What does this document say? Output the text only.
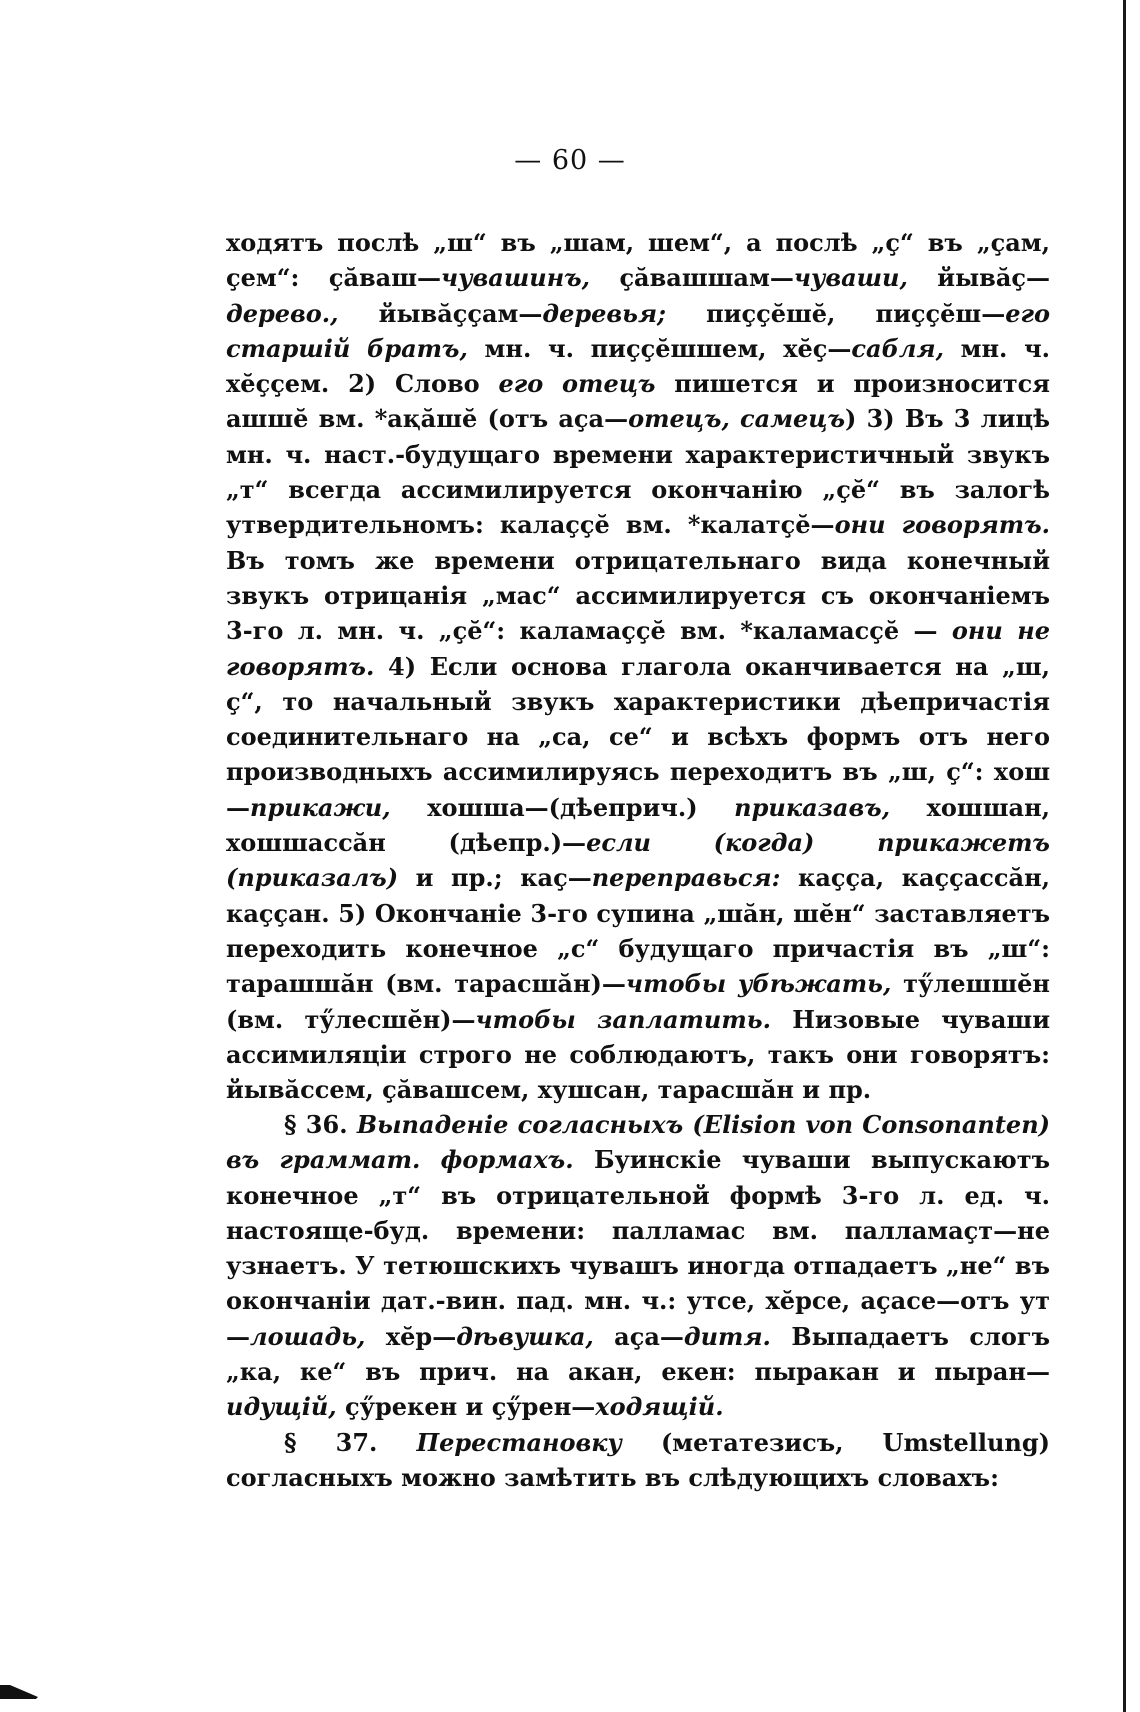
— 60 —
ходятъ послѣ „ш“ въ „шам, шем“, а послѣ „ç“ въ „çам, çем“: ҫăваш—чувашинъ, ҫăвашшам—чуваши, йывăç—дерево., йывăççам—деревья; пиҫҫĕшĕ, пиҫҫĕш—его старшій братъ, мн. ч. пиҫҫĕшшем, хĕç—сабля, мн. ч. хĕççем. 2) Слово его отецъ пишется и произносится ашшĕ вм. *ақăшĕ (отъ аçа—отецъ, самецъ) 3) Въ 3 лицѣ мн. ч. наст.-будущаго времени характеристичный звукъ „т“ всегда ассимилируется окончанію „çĕ“ въ залогѣ утвердительномъ: калаççĕ вм. *калатçĕ—они говорятъ. Въ томъ же времени отрицательнаго вида конечный звукъ отрицанія „мас“ ассимилируется съ окончаніемъ 3-го л. мн. ч. „çĕ“: каламаççĕ вм. *каламасçĕ — они не говорятъ. 4) Если основа глагола оканчивается на „ш, ç“, то начальный звукъ характеристики дѣепричастія соединительнаго на „са, се“ и всѣхъ формъ отъ него производныхъ ассимилируясь переходитъ въ „ш, ç“: хош—прикажи, хошша—(дѣеприч.) приказавъ, хошшан, хошшассăн (дѣепр.)—если (когда) прикажетъ (приказалъ) и пр.; каç—переправься: каçça, каççассăн, каççан. 5) Окончаніе 3-го супина „шăн, шĕн“ заставляетъ переходить конечное „с“ будущаго причастія въ „ш“: тарашшăн (вм. тарасшăн)—чтобы убѣжать, тӳлешшĕн (вм. тӳлесшĕн)—чтобы заплатить. Низовые чуваши ассимиляціи строго не соблюдаютъ, такъ они говорятъ: йывăссем, ҫăвашсем, хушсан, тарасшăн и пр.
§ 36. Выпаденіе согласныхъ (Elision von Consonanten) въ граммат. формахъ. Буинскіе чуваши выпускаютъ конечное „т“ въ отрицательной формѣ 3-го л. ед. ч. настояще-буд. времени: палламас вм. палламаçт—не узнаетъ. У тетюшскихъ чувашъ иногда отпадаетъ „не“ въ окончаніи дат.-вин. пад. мн. ч.: утсе, хĕрсе, аҫасе—отъ ут—лошадь, хĕр—дѣвушка, аҫа—дитя. Выпадаетъ слогъ „ка, ке“ въ прич. на акан, екен: пыракан и пыран—идущій, çӳрекен и çӳрен—ходящій.
§ 37. Перестановку (метатезисъ, Umstellung) согласныхъ можно замѣтить въ слѣдующихъ словахъ:
